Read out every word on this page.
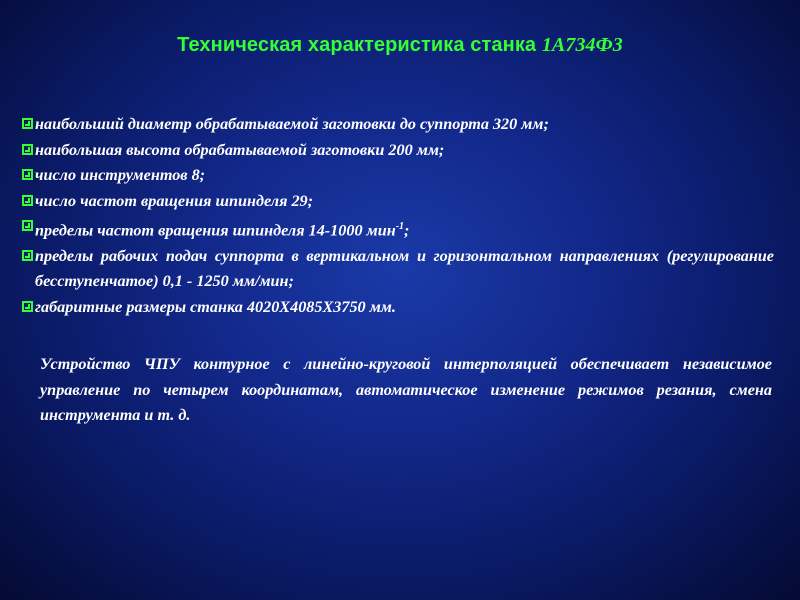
Техническая характеристика станка 1А734Ф3
наибольший диаметр обрабатываемой заготовки до суппорта 320 мм;
наибольшая высота обрабатываемой заготовки 200 мм;
число инструментов 8;
число частот вращения шпинделя 29;
пределы частот вращения шпинделя 14-1000 мин$^{-1}$;
пределы рабочих подач суппорта в вертикальном и горизонтальном направлениях (регулирование бесступенчатое) 0,1 - 1250 мм/мин;
габаритные размеры станка 4020Х4085Х3750 мм.
Устройство ЧПУ контурное с линейно-круговой интерполяцией обеспечивает независимое управление по четырем координатам, автоматическое изменение режимов резания, смена инструмента и т. д.
